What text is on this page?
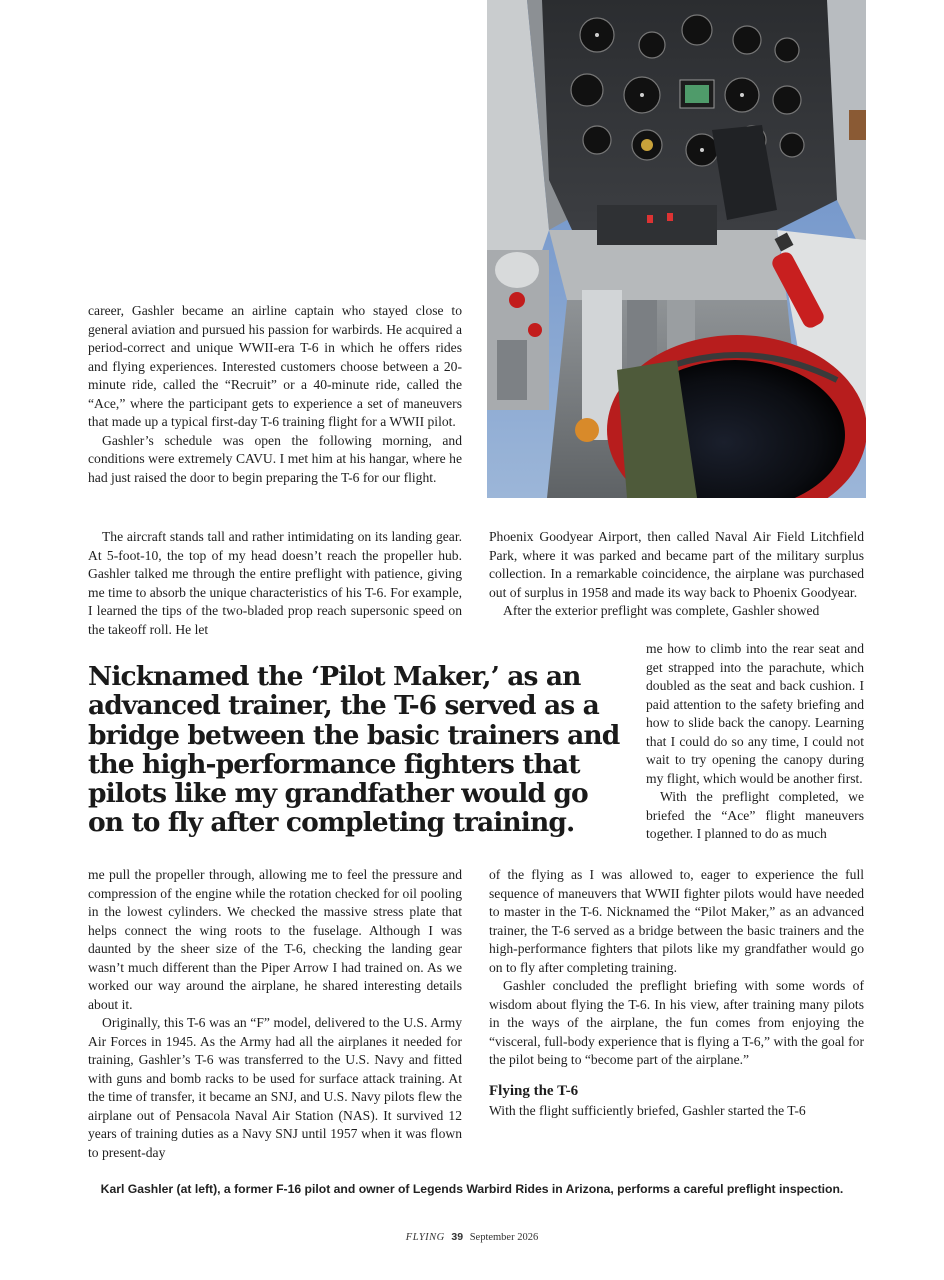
career, Gashler became an airline captain who stayed close to general aviation and pursued his passion for warbirds. He acquired a period-correct and unique WWII-era T-6 in which he offers rides and flying experiences. Interested customers choose between a 20-minute ride, called the “Recruit” or a 40-minute ride, called the “Ace,” where the participant gets to experience a set of maneuvers that made up a typical first-day T-6 training flight for a WWII pilot.

Gashler’s schedule was open the following morning, and conditions were extremely CAVU. I met him at his hangar, where he had just raised the door to begin preparing the T-6 for our flight.

The aircraft stands tall and rather intimidating on its landing gear. At 5-foot-10, the top of my head doesn’t reach the propeller hub. Gashler talked me through the entire preflight with patience, giving me time to absorb the unique characteristics of his T-6. For example, I learned the tips of the two-bladed prop reach supersonic speed on the takeoff roll. He let

Phoenix Goodyear Airport, then called Naval Air Field Litchfield Park, where it was parked and became part of the military surplus collection. In a remarkable coincidence, the airplane was purchased out of surplus in 1958 and made its way back to Phoenix Goodyear.

After the exterior preflight was complete, Gashler showed

me how to climb into the rear seat and get strapped into the parachute, which doubled as the seat and back cushion. I paid attention to the safety briefing and how to slide back the canopy. Learning that I could do so any time, I could not wait to try opening the canopy during my flight, which would be another first.

With the preflight completed, we briefed the “Ace” flight maneuvers together. I planned to do as much

Nicknamed the ‘Pilot Maker,’ as an advanced trainer, the T-6 served as a bridge between the basic trainers and the high-performance fighters that pilots like my grandfather would go on to fly after completing training.

me pull the propeller through, allowing me to feel the pressure and compression of the engine while the rotation checked for oil pooling in the lowest cylinders. We checked the massive stress plate that helps connect the wing roots to the fuselage. Although I was daunted by the sheer size of the T-6, checking the landing gear wasn’t much different than the Piper Arrow I had trained on. As we worked our way around the airplane, he shared interesting details about it.

Originally, this T-6 was an “F” model, delivered to the U.S. Army Air Forces in 1945. As the Army had all the airplanes it needed for training, Gashler’s T-6 was transferred to the U.S. Navy and fitted with guns and bomb racks to be used for surface attack training. At the time of transfer, it became an SNJ, and U.S. Navy pilots flew the airplane out of Pensacola Naval Air Station (NAS). It survived 12 years of training duties as a Navy SNJ until 1957 when it was flown to present-day

of the flying as I was allowed to, eager to experience the full sequence of maneuvers that WWII fighter pilots would have needed to master in the T-6. Nicknamed the “Pilot Maker,” as an advanced trainer, the T-6 served as a bridge between the basic trainers and the high-performance fighters that pilots like my grandfather would go on to fly after completing training.

Gashler concluded the preflight briefing with some words of wisdom about flying the T-6. In his view, after training many pilots in the ways of the airplane, the fun comes from enjoying the “visceral, full-body experience that is flying a T-6,” with the goal for the pilot being to “become part of the airplane.”

Flying the T-6

With the flight sufficiently briefed, Gashler started the T-6

Karl Gashler (at left), a former F-16 pilot and owner of Legends Warbird Rides in Arizona, performs a careful preflight inspection.
FLYING 39 September 2026
